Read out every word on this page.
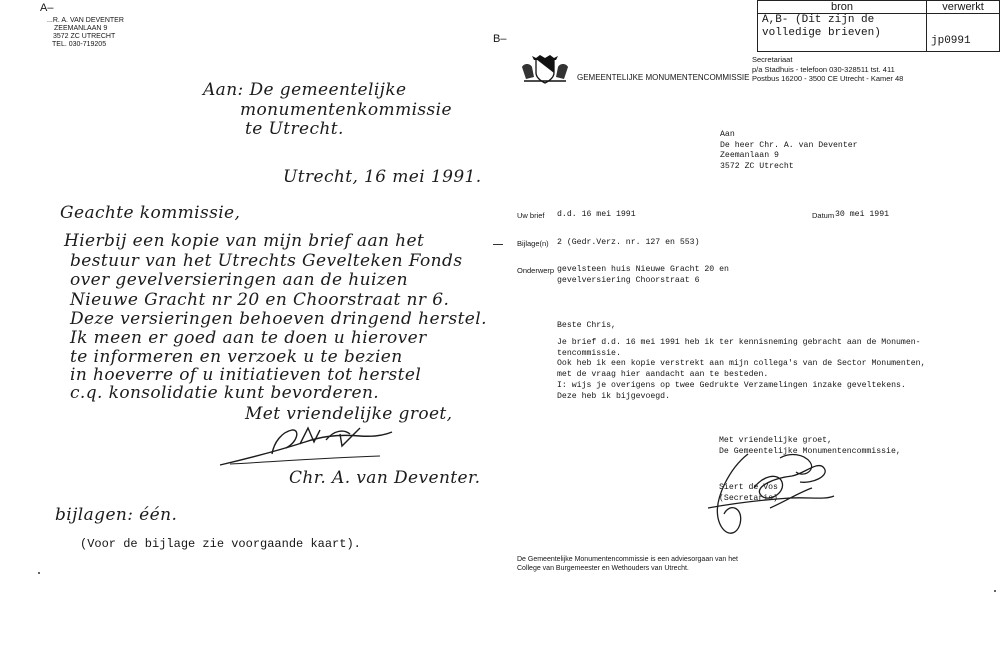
bron	verwerkt

A,B- (Dit zijn de
volledige brieven)	jp0991
A–
...R. A. VAN DEVENTER
ZEEMANLAAN 9
3572 ZC UTRECHT
TEL. 030-719205
Aan: De gemeentelijke
monumentenkommissie
te Utrecht.
Utrecht, 16 mei 1991.
Geachte kommissie,
Hierbij een kopie van mijn brief aan het
bestuur van het Utrechts Gevelteken Fonds
over gevelversieringen aan de huizen
Nieuwe Gracht nr 20 en Choorstraat nr 6.
Deze versieringen behoeven dringend herstel.
Ik meen er goed aan te doen u hierover
te informeren en verzoek u te bezien
in hoeverre of u initiatieven tot herstel
c.q. konsolidatie kunt bevorderen.
Met vriendelijke groet,
Chr. A. van Deventer.
bijlagen: één.
(Voor de bijlage zie voorgaande kaart).
B–
GEMEENTELIJKE MONUMENTENCOMMISSIE
Secretariaat
p/a Stadhuis - telefoon 030-328511 tst. 411
Postbus 16200 - 3500 CE Utrecht - Kamer 48
Aan
De heer Chr. A. van Deventer
Zeemanlaan 9
3572 ZC Utrecht
Uw brief d.d. 16 mei 1991	Datum 30 mei 1991
Bijlage(n) 2 (Gedr.Verz. nr. 127 en 553)
Onderwerp gevelsteen huis Nieuwe Gracht 20 en
gevelversiering Choorstraat 6
Beste Chris,
Je brief d.d. 16 mei 1991 heb ik ter kennisneming gebracht aan de Monumen-
tencommissie.
Ook heb ik een kopie verstrekt aan mijn collega's van de Sector Monumenten,
met de vraag hier aandacht aan te besteden.
I: wijs je overigens op twee Gedrukte Verzamelingen inzake geveltekens.
Deze heb ik bijgevoegd.
Met vriendelijke groet,
De Gemeentelijke Monumentencommissie,
Siert de Vos
(Secretaris)
De Gemeentelijke Monumentencommissie is een adviesorgaan van het
College van Burgemeester en Wethouders van Utrecht.
